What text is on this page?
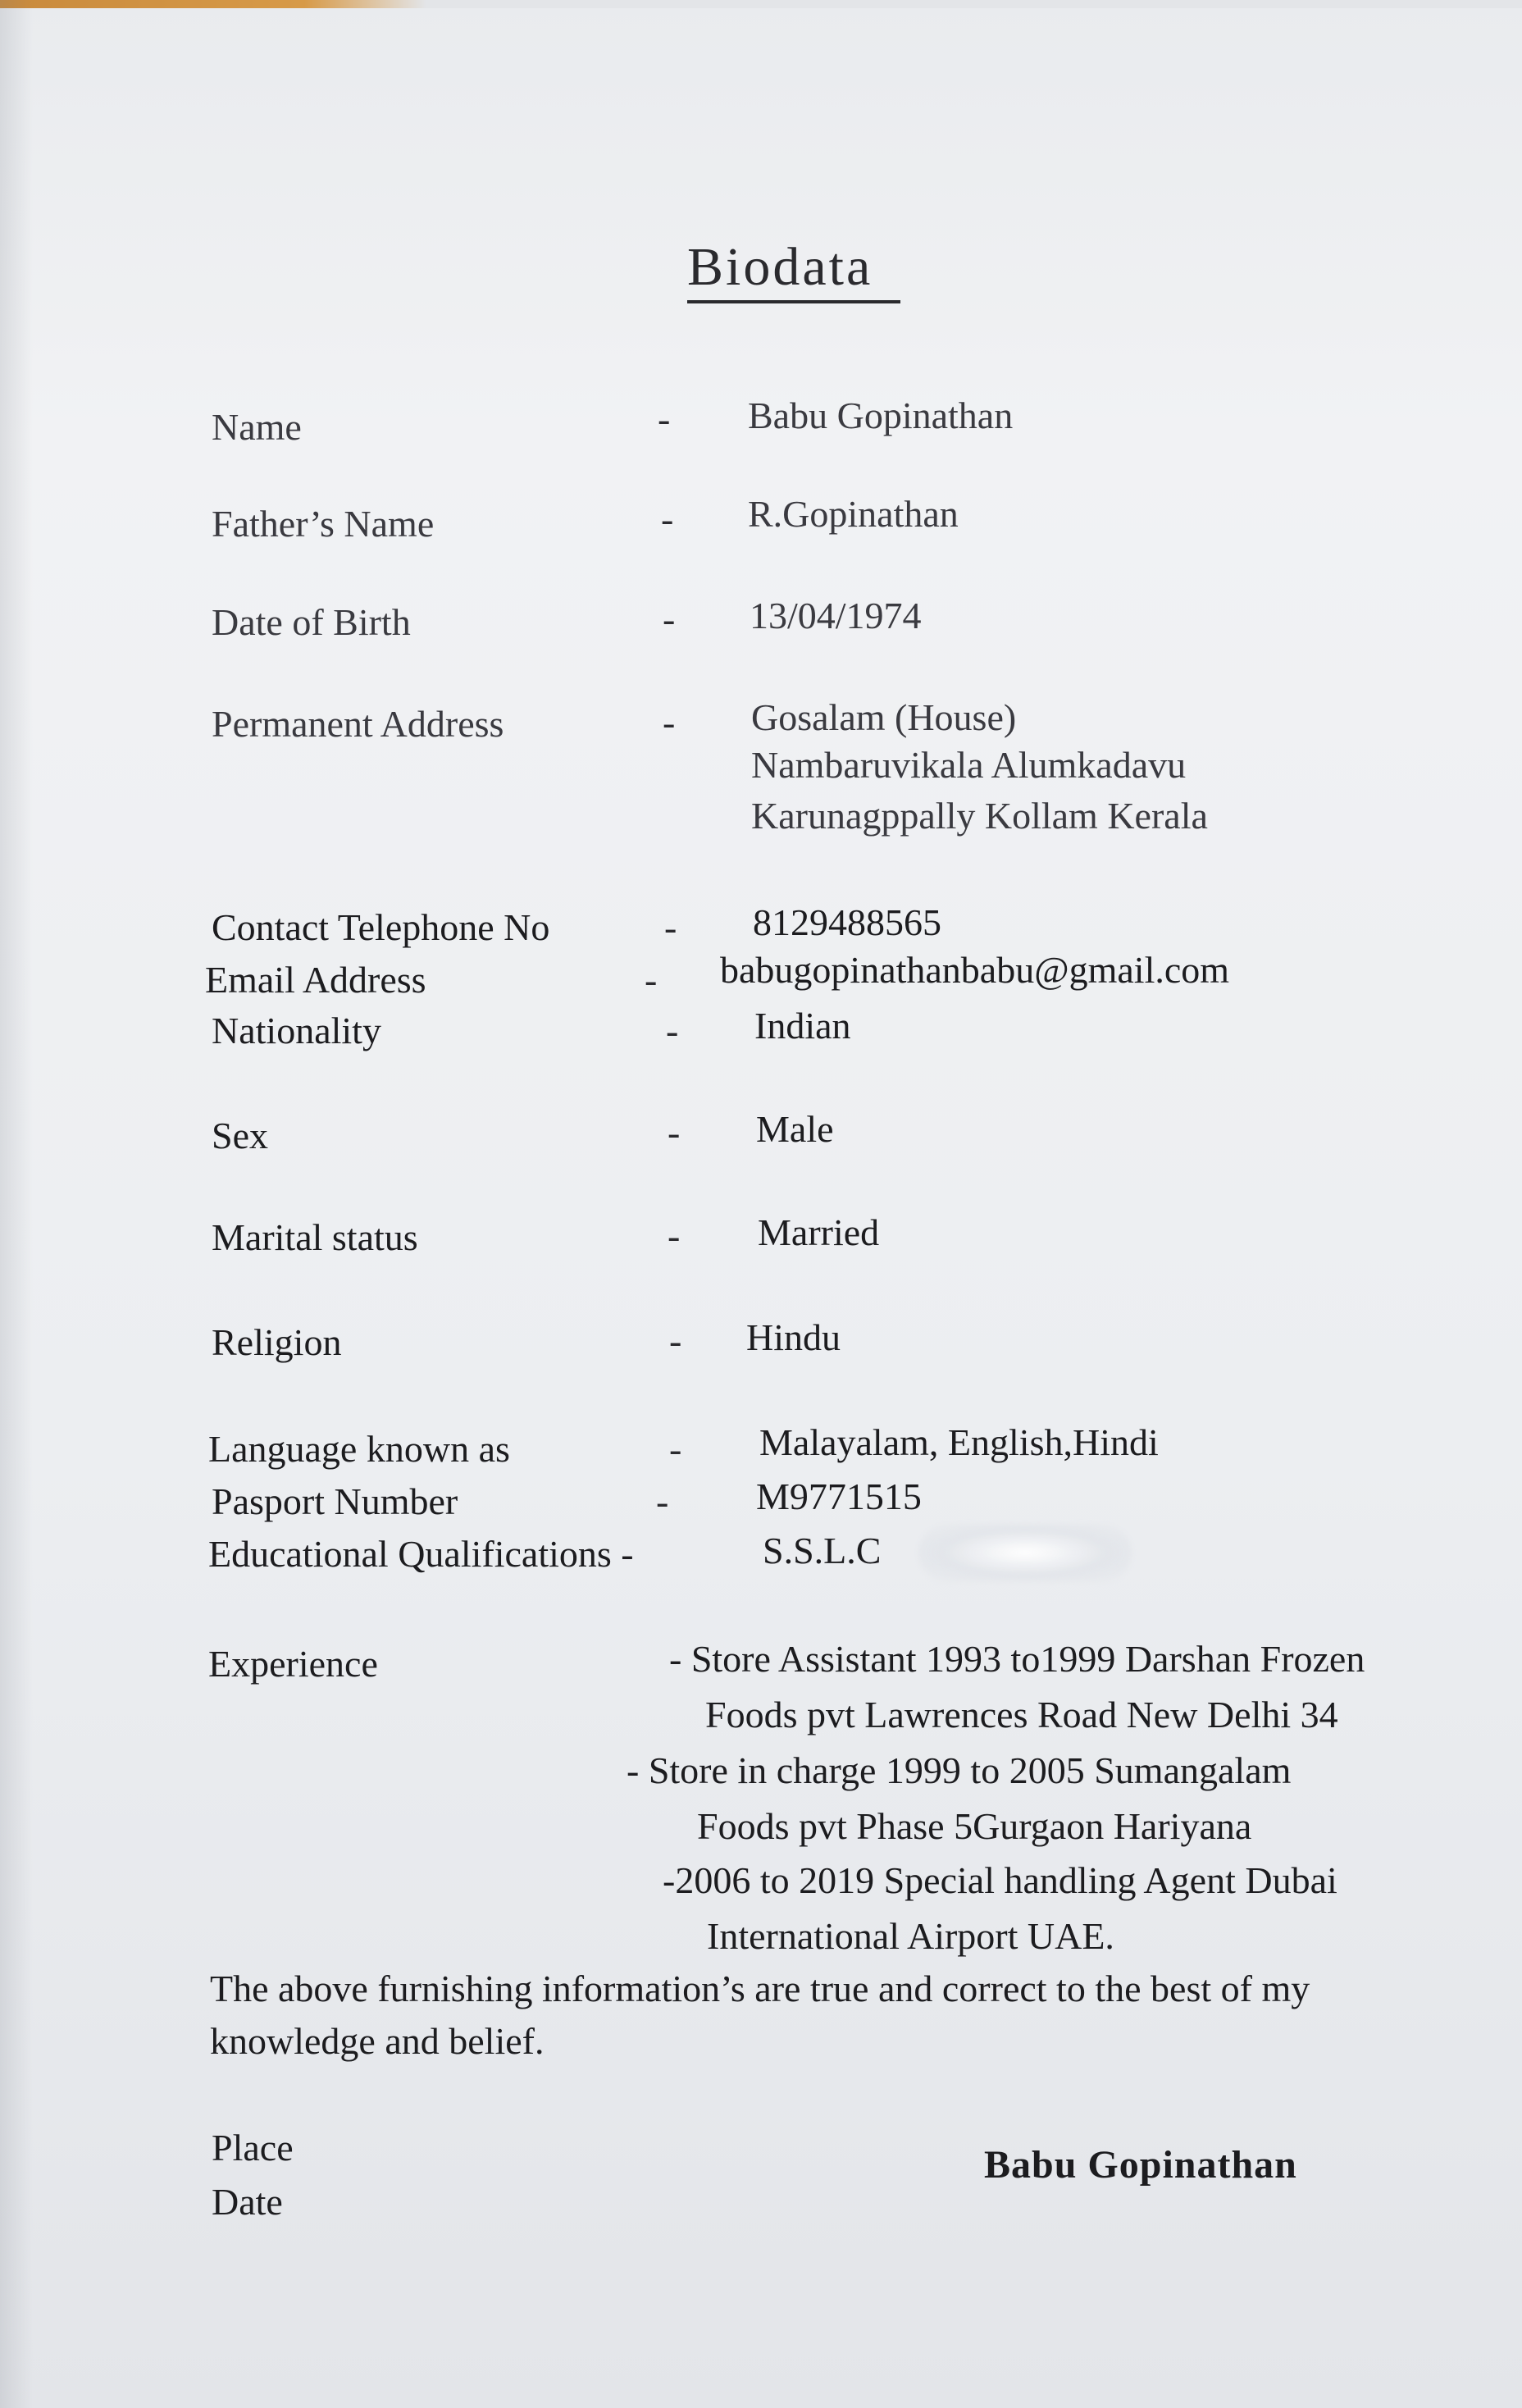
Biodata
Name	- Babu Gopinathan
Father’s Name	- R.Gopinathan
Date of Birth	- 13/04/1974
Permanent Address	- Gosalam (House)
Nambaruvikala Alumkadavu
Karunagppally Kollam Kerala
Contact Telephone No	- 8129488565
Email Address	- babugopinathanbabu@gmail.com
Nationality	- Indian
Sex	- Male
Marital status	- Married
Religion	- Hindu
Language known as	- Malayalam, English,Hindi
Pasport Number	- M9771515
Educational Qualifications -	S.S.L.C
Experience	- Store Assistant 1993 to1999 Darshan Frozen
Foods pvt Lawrences Road New Delhi 34
- Store in charge 1999 to 2005 Sumangalam
Foods pvt Phase 5Gurgaon Hariyana
-2006 to 2019 Special handling Agent Dubai
International Airport UAE.
The above furnishing information’s are true and correct to the best of my
knowledge and belief.
Place
Date
Babu Gopinathan
